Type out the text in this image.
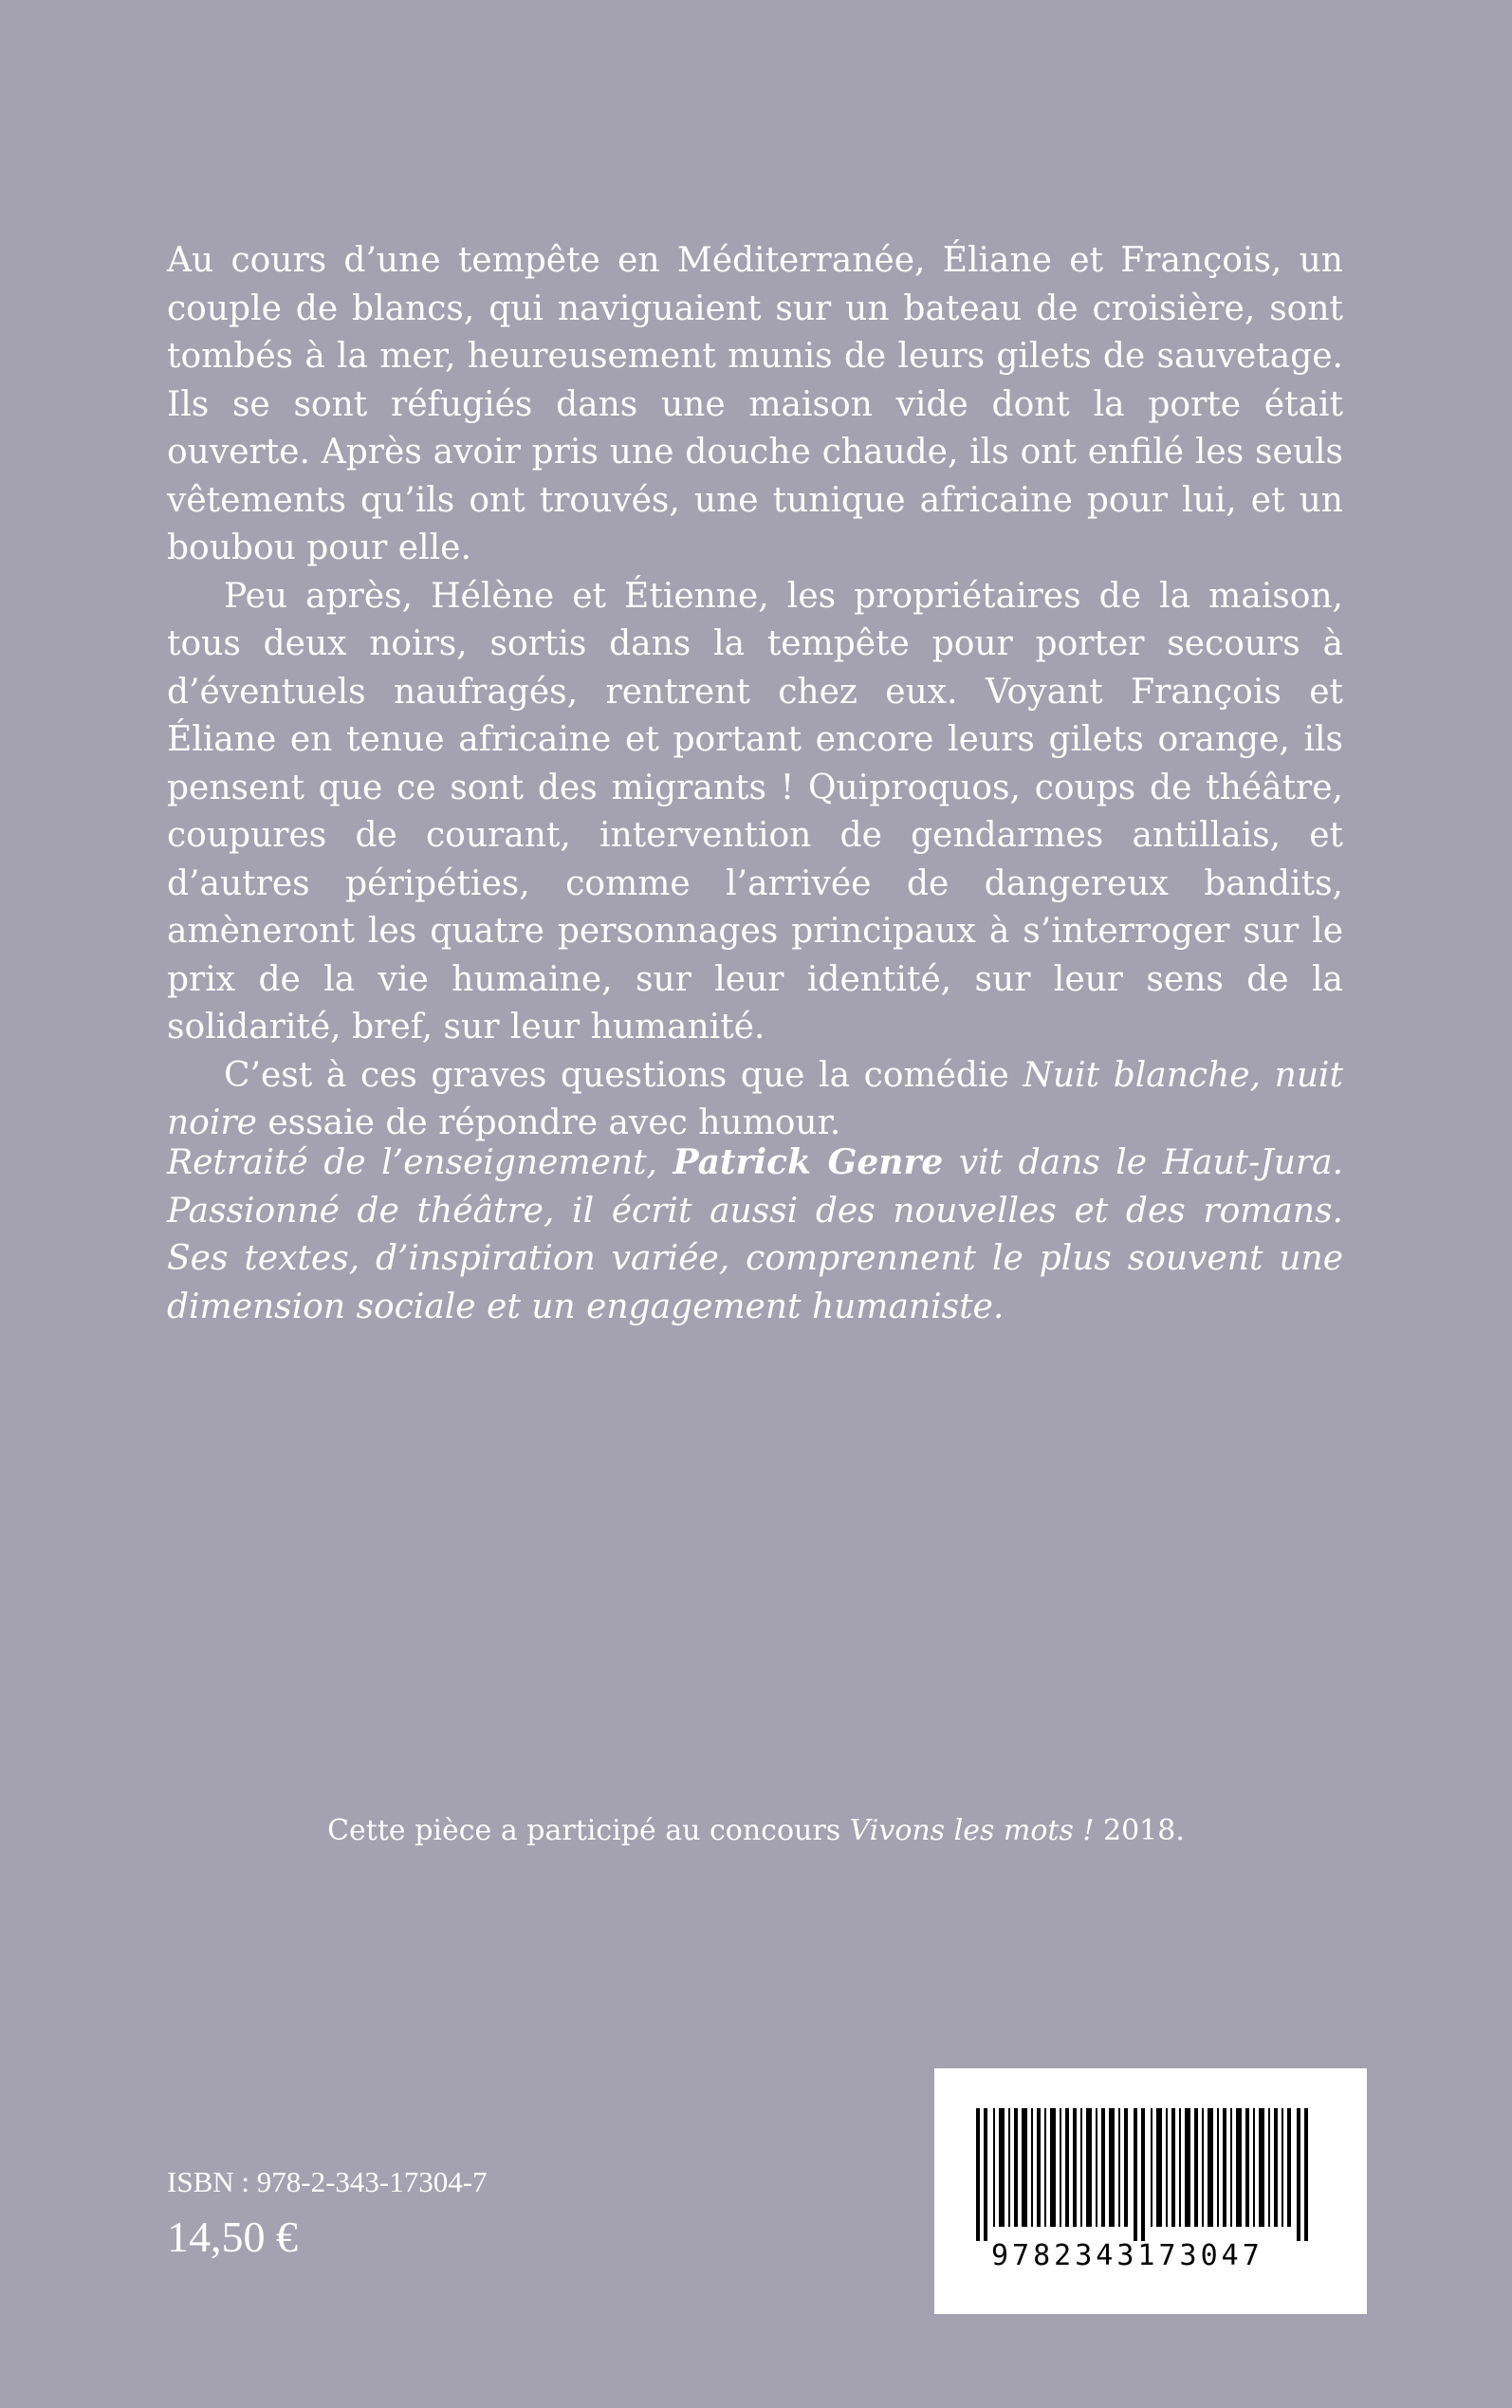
Au cours d’une tempête en Méditerranée, Éliane et François, un couple de blancs, qui naviguaient sur un bateau de croisière, sont tombés à la mer, heureusement munis de leurs gilets de sauvetage. Ils se sont réfugiés dans une maison vide dont la porte était ouverte. Après avoir pris une douche chaude, ils ont enfilé les seuls vêtements qu’ils ont trouvés, une tunique africaine pour lui, et un boubou pour elle.

Peu après, Hélène et Étienne, les propriétaires de la maison, tous deux noirs, sortis dans la tempête pour porter secours à d’éventuels naufragés, rentrent chez eux. Voyant François et Éliane en tenue africaine et portant encore leurs gilets orange, ils pensent que ce sont des migrants ! Quiproquos, coups de théâtre, coupures de courant, intervention de gendarmes antillais, et d’autres péripéties, comme l’arrivée de dangereux bandits, amèneront les quatre personnages principaux à s’interroger sur le prix de la vie humaine, sur leur identité, sur leur sens de la solidarité, bref, sur leur humanité.

C’est à ces graves questions que la comédie Nuit blanche, nuit noire essaie de répondre avec humour.

Retraité de l’enseignement, Patrick Genre vit dans le Haut-Jura. Passionné de théâtre, il écrit aussi des nouvelles et des romans. Ses textes, d’inspiration variée, comprennent le plus souvent une dimension sociale et un engagement humaniste.

Cette pièce a participé au concours Vivons les mots ! 2018.

ISBN : 978-2-343-17304-7

14,50 €	9782343173047
